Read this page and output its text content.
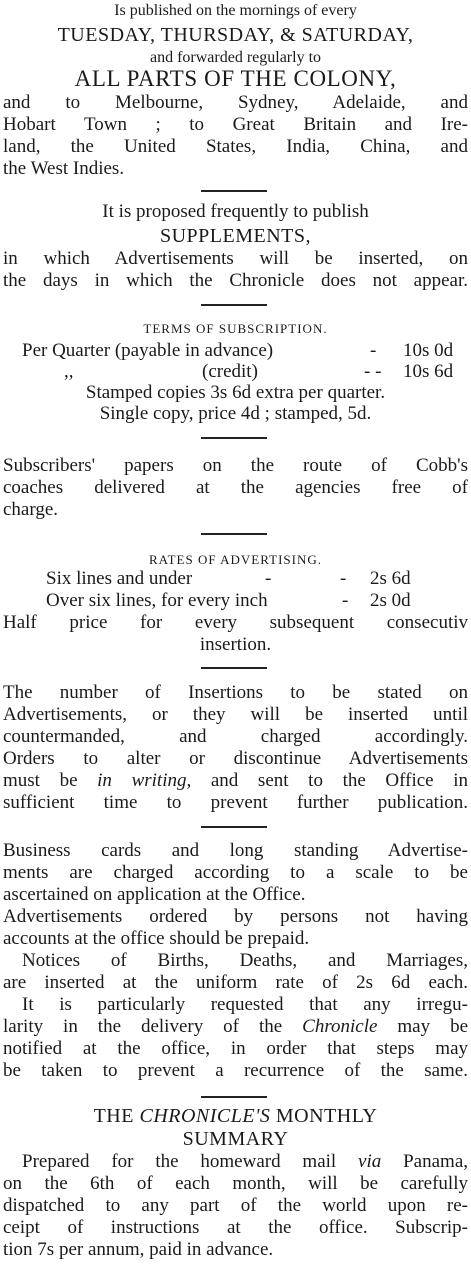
Is published on the mornings of every
TUESDAY, THURSDAY, & SATURDAY,
and forwarded regularly to
ALL PARTS OF THE COLONY,
and to Melbourne, Sydney, Adelaide, and
Hobart Town ; to Great Britain and Ire-
land, the United States, India, China, and
the West Indies.
It is proposed frequently to publish
SUPPLEMENTS,
in which Advertisements will be inserted, on
the days in which the Chronicle does not appear.
TERMS OF SUBSCRIPTION.
Per Quarter (payable in advance)	- 10s 0d
,,	(credit)	- - 10s 6d
Stamped copies 3s 6d extra per quarter.
Single copy, price 4d ; stamped, 5d.
Subscribers' papers on the route of Cobb's
coaches delivered at the agencies free of
charge.
RATES OF ADVERTISING.
Six lines and under	-	- 2s 6d
Over six lines, for every inch	- 2s 0d
Half price for every subsequent consecutiv
insertion.
The number of Insertions to be stated on
Advertisements, or they will be inserted until
countermanded, and charged accordingly.
Orders to alter or discontinue Advertisements
must be in writing, and sent to the Office in
sufficient time to prevent further publication.
Business cards and long standing Advertise-
ments are charged according to a scale to be
ascertained on application at the Office.
Advertisements ordered by persons not having
accounts at the office should be prepaid.
Notices of Births, Deaths, and Marriages,
are inserted at the uniform rate of 2s 6d each.
It is particularly requested that any irregu-
larity in the delivery of the Chronicle may be
notified at the office, in order that steps may
be taken to prevent a recurrence of the same.
THE CHRONICLE'S MONTHLY
SUMMARY
Prepared for the homeward mail via Panama,
on the 6th of each month, will be carefully
dispatched to any part of the world upon re-
ceipt of instructions at the office. Subscrip-
tion 7s per annum, paid in advance.
